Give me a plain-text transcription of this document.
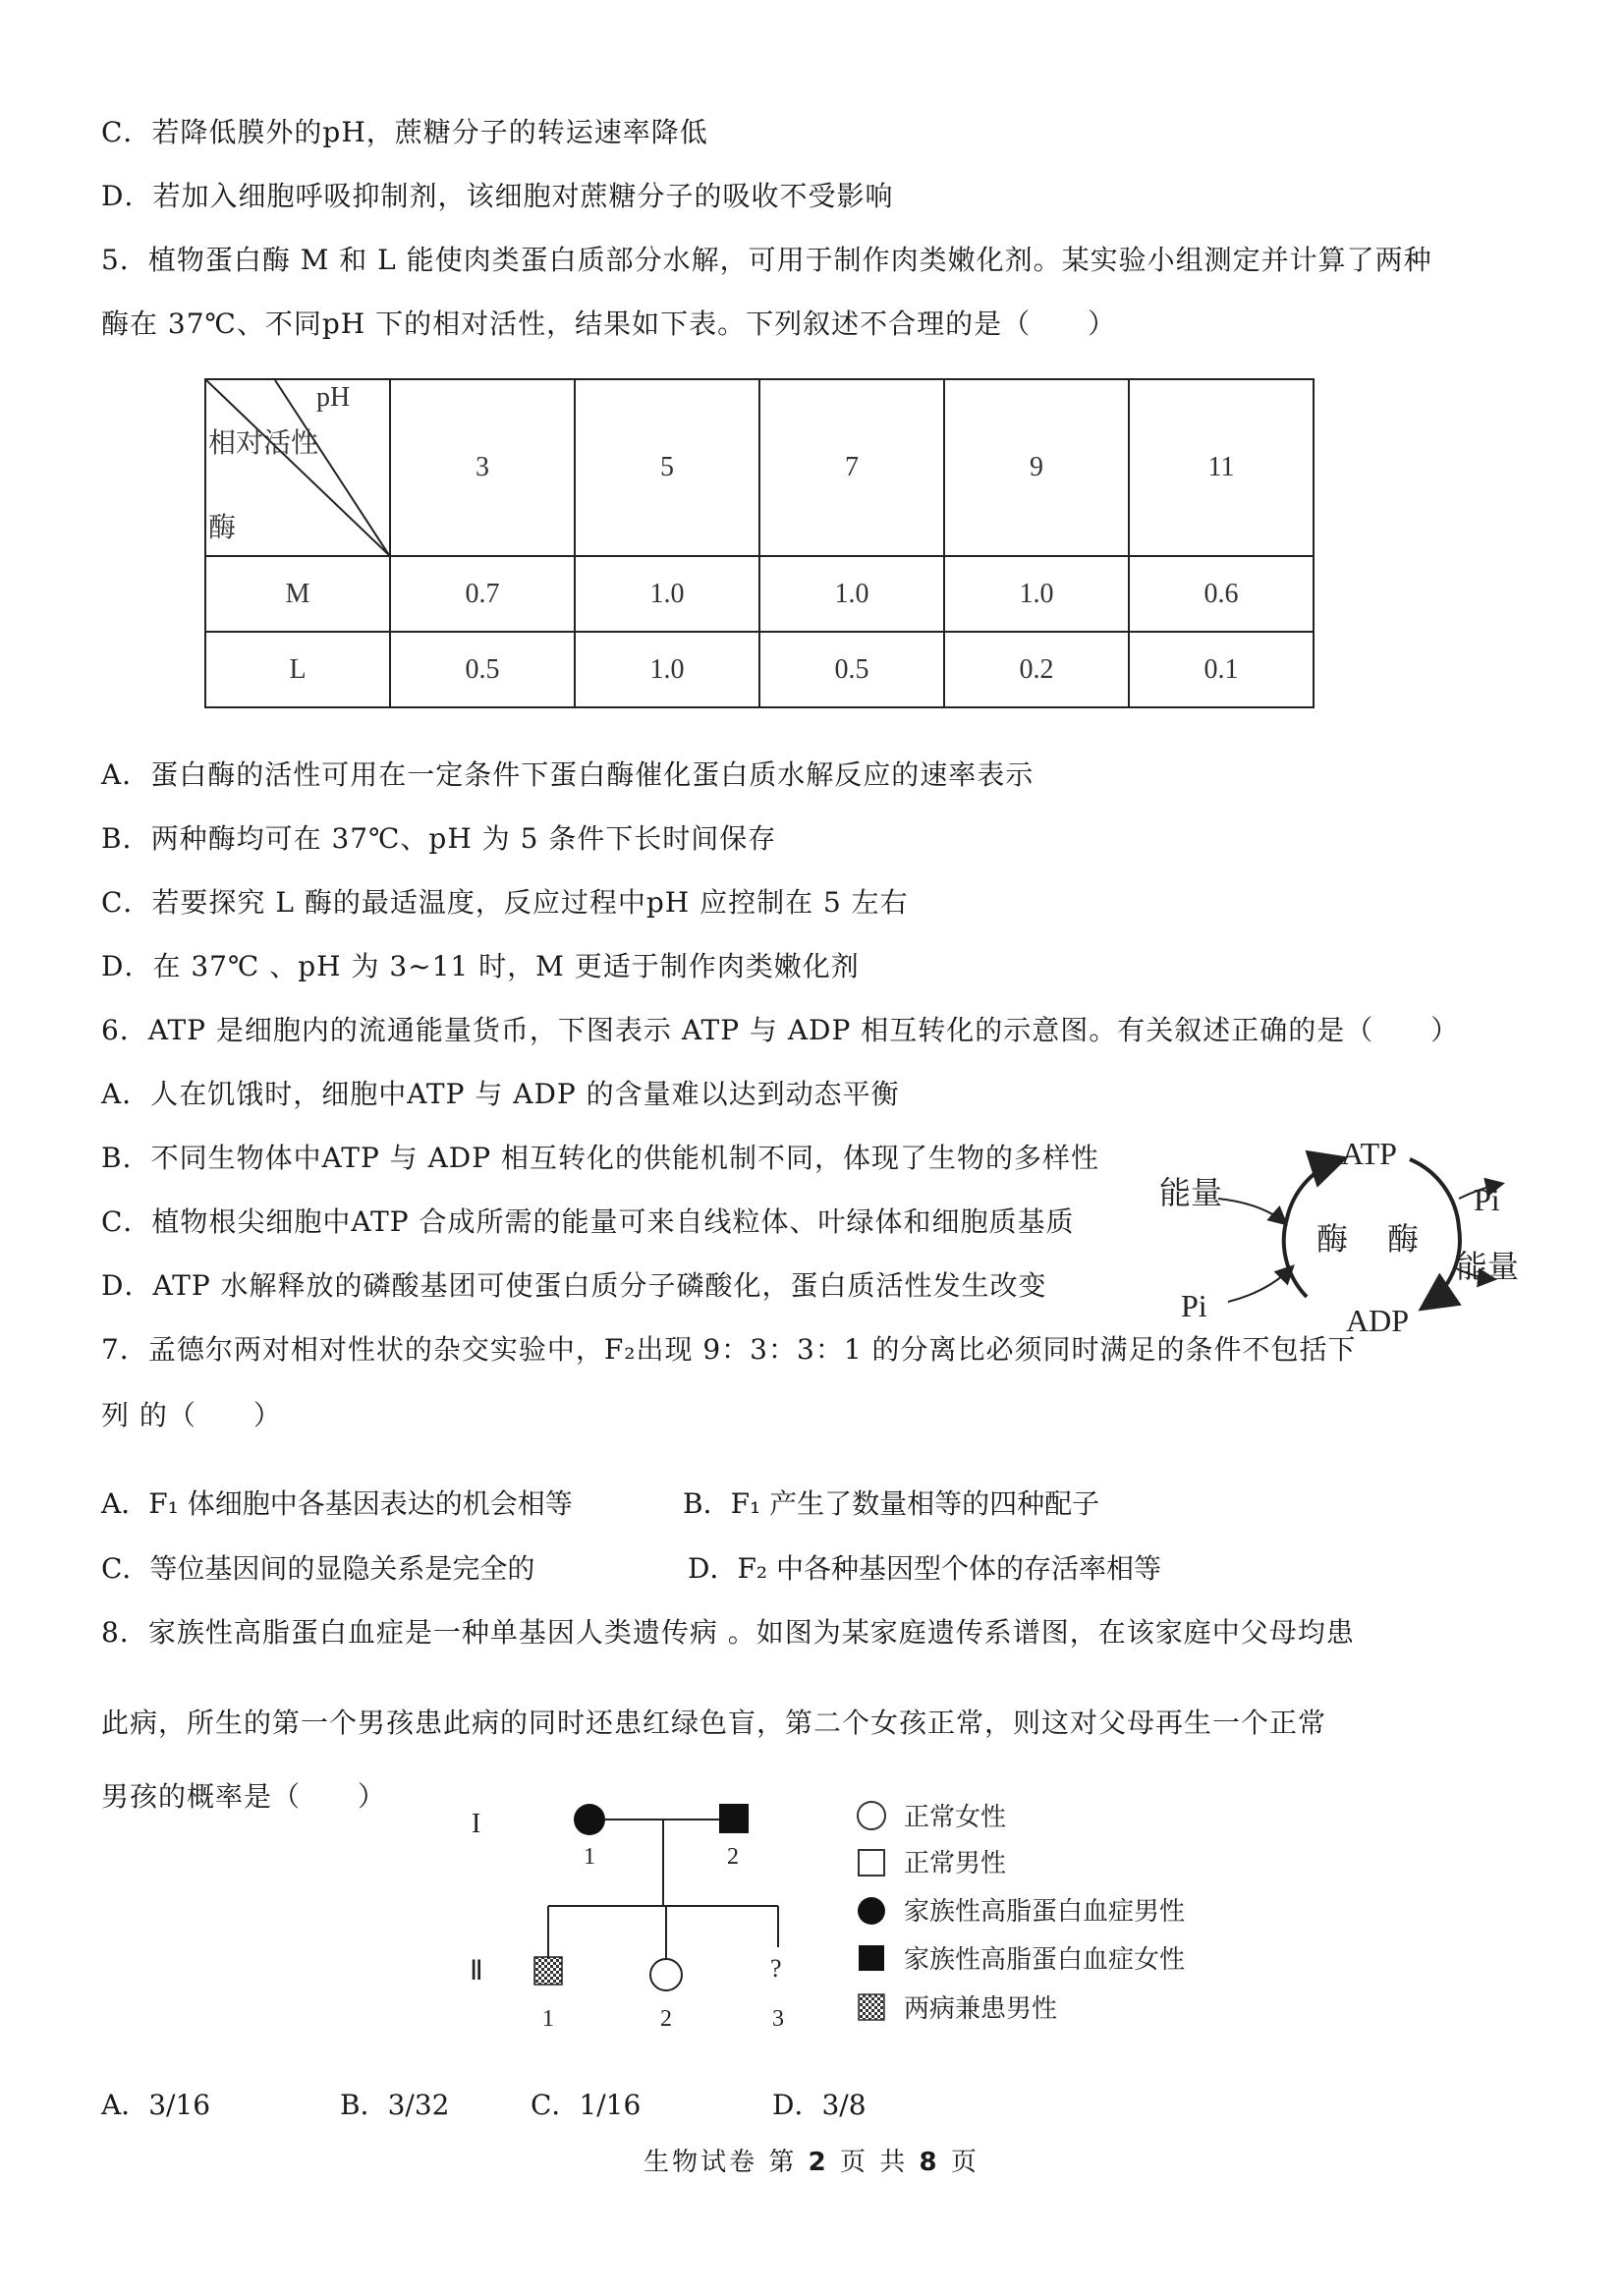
C．若降低膜外的pH，蔗糖分子的转运速率降低
D．若加入细胞呼吸抑制剂，该细胞对蔗糖分子的吸收不受影响
5．植物蛋白酶 M 和 L 能使肉类蛋白质部分水解，可用于制作肉类嫩化剂。某实验小组测定并计算了两种
酶在 37℃、不同pH 下的相对活性，结果如下表。下列叙述不合理的是（　　）
pH
相对活性
酶	3	5	7	9	11
M	0.7	1.0	1.0	1.0	0.6
L	0.5	1.0	0.5	0.2	0.1
A．蛋白酶的活性可用在一定条件下蛋白酶催化蛋白质水解反应的速率表示
B．两种酶均可在 37℃、pH 为 5 条件下长时间保存
C．若要探究 L 酶的最适温度，反应过程中pH 应控制在 5 左右
D．在 37℃ 、pH 为 3~11 时，M 更适于制作肉类嫩化剂
6．ATP 是细胞内的流通能量货币，下图表示 ATP 与 ADP 相互转化的示意图。有关叙述正确的是（　　）
A．人在饥饿时，细胞中ATP 与 ADP 的含量难以达到动态平衡
B．不同生物体中ATP 与 ADP 相互转化的供能机制不同，体现了生物的多样性
C．植物根尖细胞中ATP 合成所需的能量可来自线粒体、叶绿体和细胞质基质
D．ATP 水解释放的磷酸基团可使蛋白质分子磷酸化，蛋白质活性发生改变
ATP
ADP
酶 酶
能量
Pi
Pi
能量
7．孟德尔两对相对性状的杂交实验中，F₂出现 9：3：3：1 的分离比必须同时满足的条件不包括下
列 的（　　）
A．F₁ 体细胞中各基因表达的机会相等	B．F₁ 产生了数量相等的四种配子
C．等位基因间的显隐关系是完全的	D．F₂ 中各种基因型个体的存活率相等
8．家族性高脂蛋白血症是一种单基因人类遗传病 。如图为某家庭遗传系谱图，在该家庭中父母均患
此病，所生的第一个男孩患此病的同时还患红绿色盲，第二个女孩正常，则这对父母再生一个正常
男孩的概率是（　　）
I
Ⅱ
1	2
?
1	2	3
正常女性
正常男性
家族性高脂蛋白血症男性
家族性高脂蛋白血症女性
两病兼患男性
A．3/16	B．3/32	C．1/16	D．3/8
生物试卷 第 2 页 共 8 页
